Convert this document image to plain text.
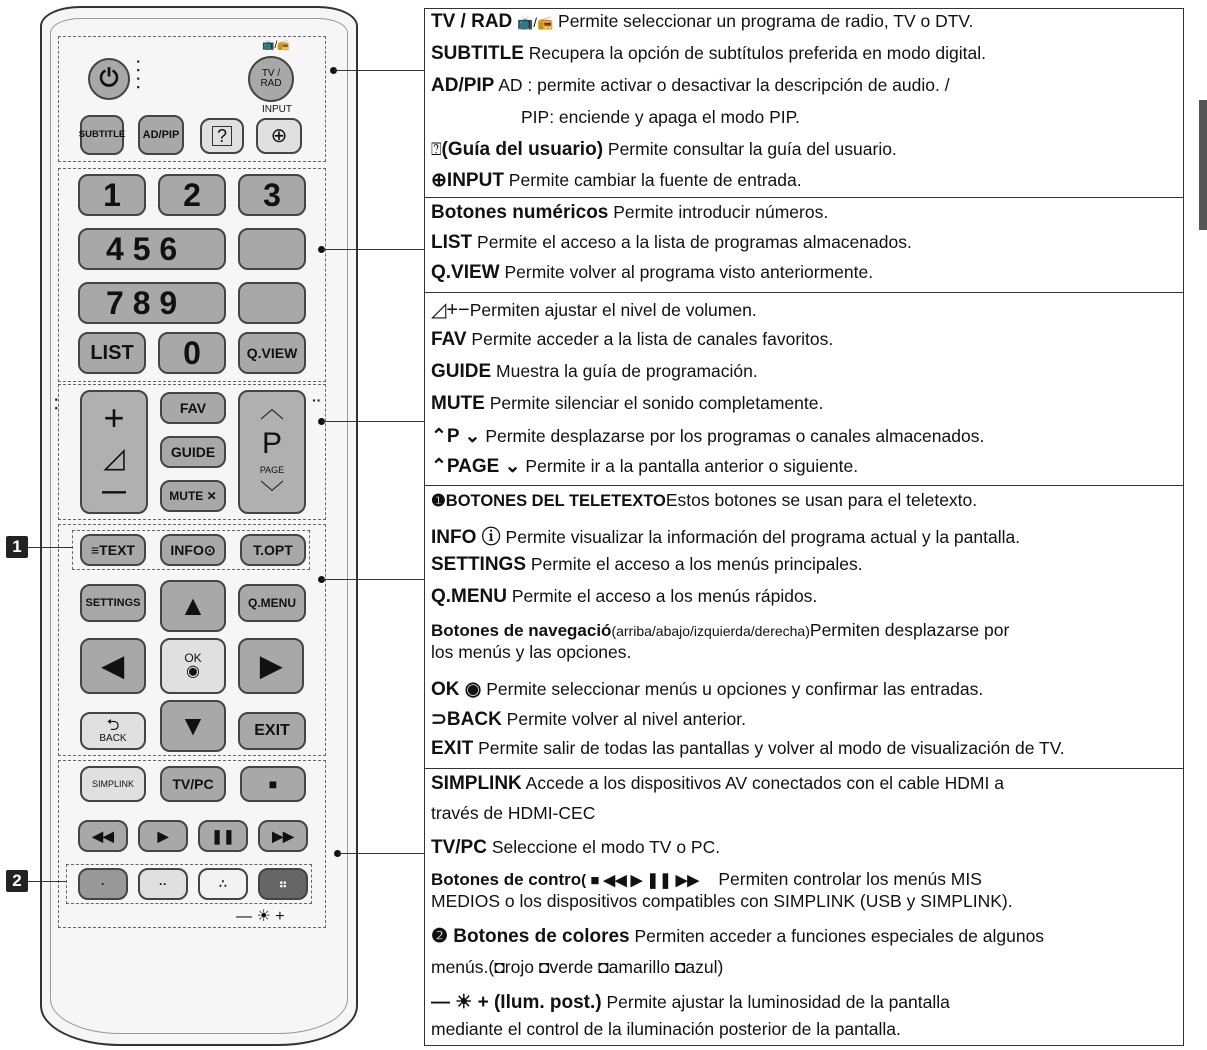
⏻	⁚
⁚
📺/📻
TV / RAD
SUBTITLE	AD/PIP ?
INPUT
⊕
1	2	3
4 5 6
7 8 9
LIST	0	Q.VIEW
⁚ +
◿
—
FAV
GUIDE
MUTE ✕
︿
P
PAGE
﹀
··
1	≡TEXT	INFO⊙	T.OPT
SETTINGS	Q.MENU
▲
◀	OK
◉ ▶
⮌
BACK ▼	EXIT
SIMPLINK	TV/PC	■
◀◀	▶	❚❚	▶▶
2	·	··	∴	⠶
— ☀ +
TV / RAD 📺/📻 Permite seleccionar un programa de radio, TV o DTV.
SUBTITLE Recupera la opción de subtítulos preferida en modo digital.
AD/PIP AD : permite activar o desactivar la descripción de audio. /
PIP: enciende y apaga el modo PIP.
⍰(Guía del usuario) Permite consultar la guía del usuario.
⊕INPUT Permite cambiar la fuente de entrada.
Botones numéricos Permite introducir números.
LIST Permite el acceso a la lista de programas almacenados.
Q.VIEW Permite volver al programa visto anteriormente.
◿+−Permiten ajustar el nivel de volumen.
FAV Permite acceder a la lista de canales favoritos.
GUIDE Muestra la guía de programación.
MUTE Permite silenciar el sonido completamente.
⌃P ⌄ Permite desplazarse por los programas o canales almacenados.
⌃PAGE ⌄ Permite ir a la pantalla anterior o siguiente.
❶BOTONES DEL TELETEXTOEstos botones se usan para el teletexto.
INFO ⓘ Permite visualizar la información del programa actual y la pantalla.
SETTINGS Permite el acceso a los menús principales.
Q.MENU Permite el acceso a los menús rápidos.
Botones de navegació(arriba/abajo/izquierda/derecha)Permiten desplazarse por
los menús y las opciones.
OK ◉ Permite seleccionar menús u opciones y confirmar las entradas.
⊃BACK Permite volver al nivel anterior.
EXIT Permite salir de todas las pantallas y volver al modo de visualización de TV.
SIMPLINK Accede a los dispositivos AV conectados con el cable HDMI a
través de HDMI-CEC
TV/PC Seleccione el modo TV o PC.
Botones de contro( ■ ◀◀ ▶ ❚❚ ▶▶ Permiten controlar los menús MIS
MEDIOS o los dispositivos compatibles con SIMPLINK (USB y SIMPLINK).
❷ Botones de colores Permiten acceder a funciones especiales de algunos
menús.(◘rojo ◘verde ◘amarillo ◘azul)
— ☀ + (Ilum. post.) Permite ajustar la luminosidad de la pantalla
mediante el control de la iluminación posterior de la pantalla.
